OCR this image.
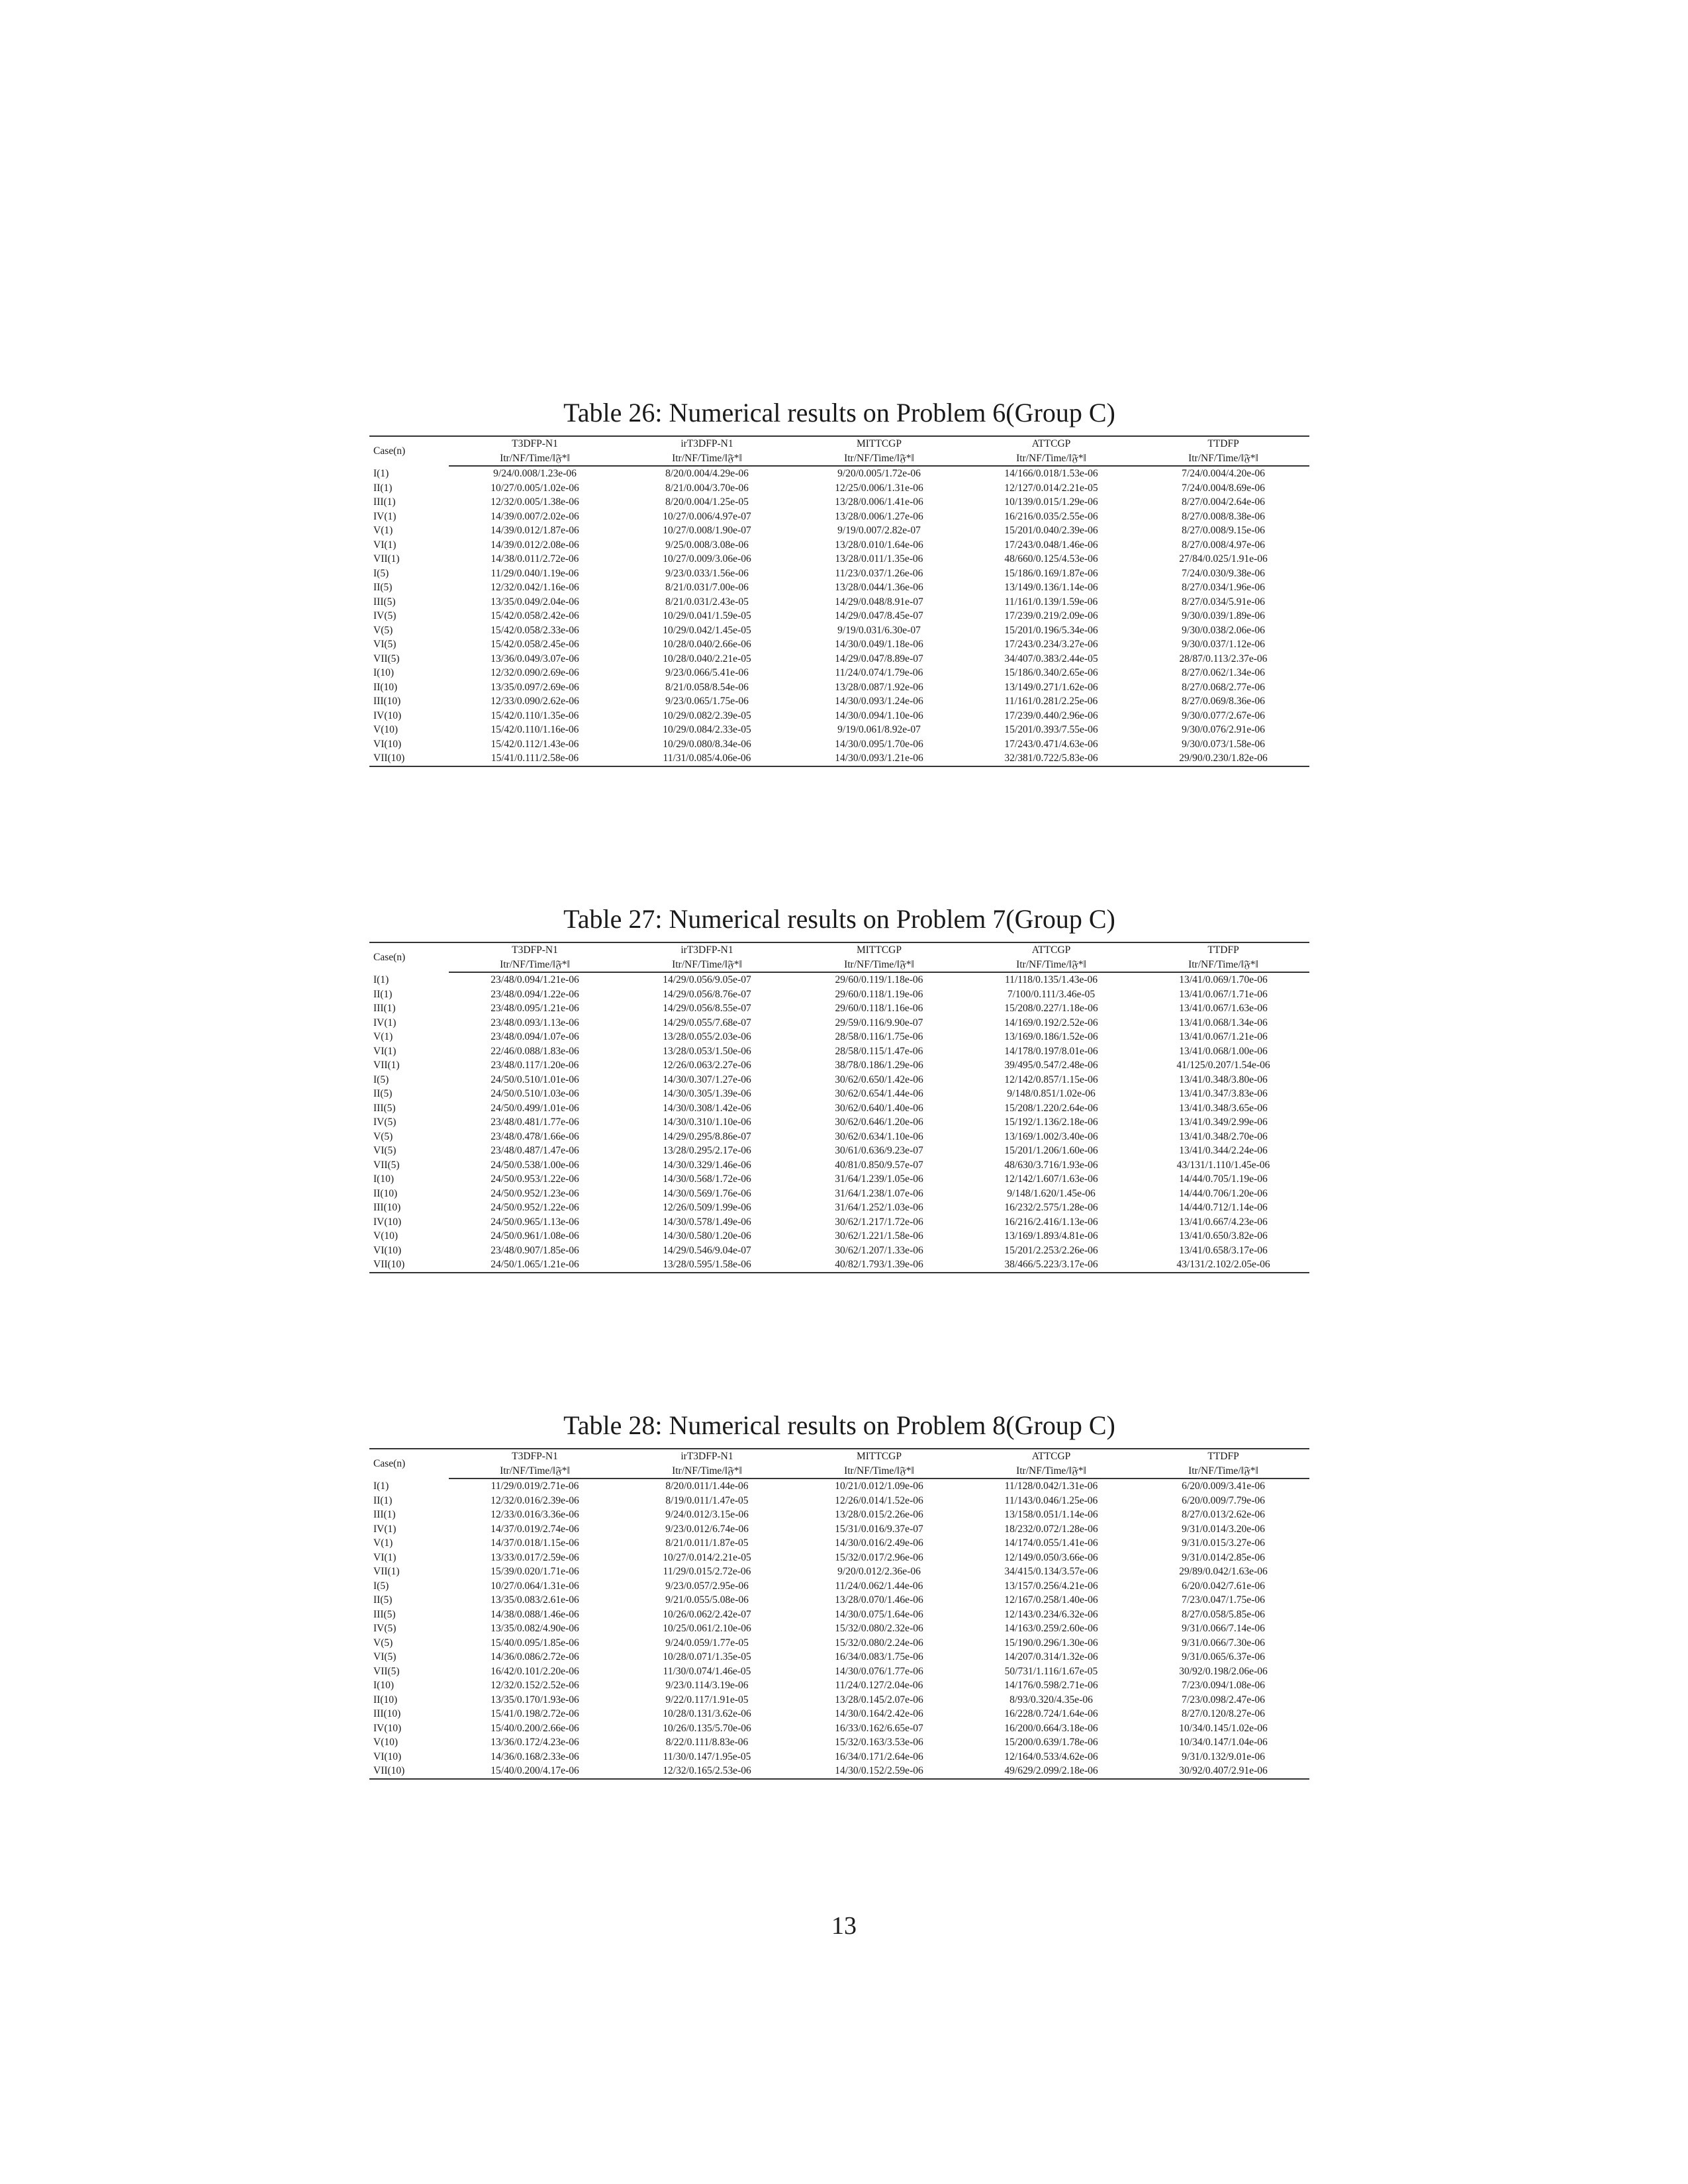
Table 26: Numerical results on Problem 6(Group C)
Case(n)	T3DFP-N1	irT3DFP-N1	MITTCGP	ATTCGP	TTDFP
	Itr/NF/Time/‖𝔉*‖	Itr/NF/Time/‖𝔉*‖	Itr/NF/Time/‖𝔉*‖	Itr/NF/Time/‖𝔉*‖	Itr/NF/Time/‖𝔉*‖
I(1)	9/24/0.008/1.23e-06	8/20/0.004/4.29e-06	9/20/0.005/1.72e-06	14/166/0.018/1.53e-06	7/24/0.004/4.20e-06
II(1)	10/27/0.005/1.02e-06	8/21/0.004/3.70e-06	12/25/0.006/1.31e-06	12/127/0.014/2.21e-05	7/24/0.004/8.69e-06
III(1)	12/32/0.005/1.38e-06	8/20/0.004/1.25e-05	13/28/0.006/1.41e-06	10/139/0.015/1.29e-06	8/27/0.004/2.64e-06
IV(1)	14/39/0.007/2.02e-06	10/27/0.006/4.97e-07	13/28/0.006/1.27e-06	16/216/0.035/2.55e-06	8/27/0.008/8.38e-06
V(1)	14/39/0.012/1.87e-06	10/27/0.008/1.90e-07	9/19/0.007/2.82e-07	15/201/0.040/2.39e-06	8/27/0.008/9.15e-06
VI(1)	14/39/0.012/2.08e-06	9/25/0.008/3.08e-06	13/28/0.010/1.64e-06	17/243/0.048/1.46e-06	8/27/0.008/4.97e-06
VII(1)	14/38/0.011/2.72e-06	10/27/0.009/3.06e-06	13/28/0.011/1.35e-06	48/660/0.125/4.53e-06	27/84/0.025/1.91e-06
I(5)	11/29/0.040/1.19e-06	9/23/0.033/1.56e-06	11/23/0.037/1.26e-06	15/186/0.169/1.87e-06	7/24/0.030/9.38e-06
II(5)	12/32/0.042/1.16e-06	8/21/0.031/7.00e-06	13/28/0.044/1.36e-06	13/149/0.136/1.14e-06	8/27/0.034/1.96e-06
III(5)	13/35/0.049/2.04e-06	8/21/0.031/2.43e-05	14/29/0.048/8.91e-07	11/161/0.139/1.59e-06	8/27/0.034/5.91e-06
IV(5)	15/42/0.058/2.42e-06	10/29/0.041/1.59e-05	14/29/0.047/8.45e-07	17/239/0.219/2.09e-06	9/30/0.039/1.89e-06
V(5)	15/42/0.058/2.33e-06	10/29/0.042/1.45e-05	9/19/0.031/6.30e-07	15/201/0.196/5.34e-06	9/30/0.038/2.06e-06
VI(5)	15/42/0.058/2.45e-06	10/28/0.040/2.66e-06	14/30/0.049/1.18e-06	17/243/0.234/3.27e-06	9/30/0.037/1.12e-06
VII(5)	13/36/0.049/3.07e-06	10/28/0.040/2.21e-05	14/29/0.047/8.89e-07	34/407/0.383/2.44e-05	28/87/0.113/2.37e-06
I(10)	12/32/0.090/2.69e-06	9/23/0.066/5.41e-06	11/24/0.074/1.79e-06	15/186/0.340/2.65e-06	8/27/0.062/1.34e-06
II(10)	13/35/0.097/2.69e-06	8/21/0.058/8.54e-06	13/28/0.087/1.92e-06	13/149/0.271/1.62e-06	8/27/0.068/2.77e-06
III(10)	12/33/0.090/2.62e-06	9/23/0.065/1.75e-06	14/30/0.093/1.24e-06	11/161/0.281/2.25e-06	8/27/0.069/8.36e-06
IV(10)	15/42/0.110/1.35e-06	10/29/0.082/2.39e-05	14/30/0.094/1.10e-06	17/239/0.440/2.96e-06	9/30/0.077/2.67e-06
V(10)	15/42/0.110/1.16e-06	10/29/0.084/2.33e-05	9/19/0.061/8.92e-07	15/201/0.393/7.55e-06	9/30/0.076/2.91e-06
VI(10)	15/42/0.112/1.43e-06	10/29/0.080/8.34e-06	14/30/0.095/1.70e-06	17/243/0.471/4.63e-06	9/30/0.073/1.58e-06
VII(10)	15/41/0.111/2.58e-06	11/31/0.085/4.06e-06	14/30/0.093/1.21e-06	32/381/0.722/5.83e-06	29/90/0.230/1.82e-06
Table 27: Numerical results on Problem 7(Group C)
Case(n)	T3DFP-N1	irT3DFP-N1	MITTCGP	ATTCGP	TTDFP
	Itr/NF/Time/‖𝔉*‖	Itr/NF/Time/‖𝔉*‖	Itr/NF/Time/‖𝔉*‖	Itr/NF/Time/‖𝔉*‖	Itr/NF/Time/‖𝔉*‖
I(1)	23/48/0.094/1.21e-06	14/29/0.056/9.05e-07	29/60/0.119/1.18e-06	11/118/0.135/1.43e-06	13/41/0.069/1.70e-06
II(1)	23/48/0.094/1.22e-06	14/29/0.056/8.76e-07	29/60/0.118/1.19e-06	7/100/0.111/3.46e-05	13/41/0.067/1.71e-06
III(1)	23/48/0.095/1.21e-06	14/29/0.056/8.55e-07	29/60/0.118/1.16e-06	15/208/0.227/1.18e-06	13/41/0.067/1.63e-06
IV(1)	23/48/0.093/1.13e-06	14/29/0.055/7.68e-07	29/59/0.116/9.90e-07	14/169/0.192/2.52e-06	13/41/0.068/1.34e-06
V(1)	23/48/0.094/1.07e-06	13/28/0.055/2.03e-06	28/58/0.116/1.75e-06	13/169/0.186/1.52e-06	13/41/0.067/1.21e-06
VI(1)	22/46/0.088/1.83e-06	13/28/0.053/1.50e-06	28/58/0.115/1.47e-06	14/178/0.197/8.01e-06	13/41/0.068/1.00e-06
VII(1)	23/48/0.117/1.20e-06	12/26/0.063/2.27e-06	38/78/0.186/1.29e-06	39/495/0.547/2.48e-06	41/125/0.207/1.54e-06
I(5)	24/50/0.510/1.01e-06	14/30/0.307/1.27e-06	30/62/0.650/1.42e-06	12/142/0.857/1.15e-06	13/41/0.348/3.80e-06
II(5)	24/50/0.510/1.03e-06	14/30/0.305/1.39e-06	30/62/0.654/1.44e-06	9/148/0.851/1.02e-06	13/41/0.347/3.83e-06
III(5)	24/50/0.499/1.01e-06	14/30/0.308/1.42e-06	30/62/0.640/1.40e-06	15/208/1.220/2.64e-06	13/41/0.348/3.65e-06
IV(5)	23/48/0.481/1.77e-06	14/30/0.310/1.10e-06	30/62/0.646/1.20e-06	15/192/1.136/2.18e-06	13/41/0.349/2.99e-06
V(5)	23/48/0.478/1.66e-06	14/29/0.295/8.86e-07	30/62/0.634/1.10e-06	13/169/1.002/3.40e-06	13/41/0.348/2.70e-06
VI(5)	23/48/0.487/1.47e-06	13/28/0.295/2.17e-06	30/61/0.636/9.23e-07	15/201/1.206/1.60e-06	13/41/0.344/2.24e-06
VII(5)	24/50/0.538/1.00e-06	14/30/0.329/1.46e-06	40/81/0.850/9.57e-07	48/630/3.716/1.93e-06	43/131/1.110/1.45e-06
I(10)	24/50/0.953/1.22e-06	14/30/0.568/1.72e-06	31/64/1.239/1.05e-06	12/142/1.607/1.63e-06	14/44/0.705/1.19e-06
II(10)	24/50/0.952/1.23e-06	14/30/0.569/1.76e-06	31/64/1.238/1.07e-06	9/148/1.620/1.45e-06	14/44/0.706/1.20e-06
III(10)	24/50/0.952/1.22e-06	12/26/0.509/1.99e-06	31/64/1.252/1.03e-06	16/232/2.575/1.28e-06	14/44/0.712/1.14e-06
IV(10)	24/50/0.965/1.13e-06	14/30/0.578/1.49e-06	30/62/1.217/1.72e-06	16/216/2.416/1.13e-06	13/41/0.667/4.23e-06
V(10)	24/50/0.961/1.08e-06	14/30/0.580/1.20e-06	30/62/1.221/1.58e-06	13/169/1.893/4.81e-06	13/41/0.650/3.82e-06
VI(10)	23/48/0.907/1.85e-06	14/29/0.546/9.04e-07	30/62/1.207/1.33e-06	15/201/2.253/2.26e-06	13/41/0.658/3.17e-06
VII(10)	24/50/1.065/1.21e-06	13/28/0.595/1.58e-06	40/82/1.793/1.39e-06	38/466/5.223/3.17e-06	43/131/2.102/2.05e-06
Table 28: Numerical results on Problem 8(Group C)
Case(n)	T3DFP-N1	irT3DFP-N1	MITTCGP	ATTCGP	TTDFP
	Itr/NF/Time/‖𝔉*‖	Itr/NF/Time/‖𝔉*‖	Itr/NF/Time/‖𝔉*‖	Itr/NF/Time/‖𝔉*‖	Itr/NF/Time/‖𝔉*‖
I(1)	11/29/0.019/2.71e-06	8/20/0.011/1.44e-06	10/21/0.012/1.09e-06	11/128/0.042/1.31e-06	6/20/0.009/3.41e-06
II(1)	12/32/0.016/2.39e-06	8/19/0.011/1.47e-05	12/26/0.014/1.52e-06	11/143/0.046/1.25e-06	6/20/0.009/7.79e-06
III(1)	12/33/0.016/3.36e-06	9/24/0.012/3.15e-06	13/28/0.015/2.26e-06	13/158/0.051/1.14e-06	8/27/0.013/2.62e-06
IV(1)	14/37/0.019/2.74e-06	9/23/0.012/6.74e-06	15/31/0.016/9.37e-07	18/232/0.072/1.28e-06	9/31/0.014/3.20e-06
V(1)	14/37/0.018/1.15e-06	8/21/0.011/1.87e-05	14/30/0.016/2.49e-06	14/174/0.055/1.41e-06	9/31/0.015/3.27e-06
VI(1)	13/33/0.017/2.59e-06	10/27/0.014/2.21e-05	15/32/0.017/2.96e-06	12/149/0.050/3.66e-06	9/31/0.014/2.85e-06
VII(1)	15/39/0.020/1.71e-06	11/29/0.015/2.72e-06	9/20/0.012/2.36e-06	34/415/0.134/3.57e-06	29/89/0.042/1.63e-06
I(5)	10/27/0.064/1.31e-06	9/23/0.057/2.95e-06	11/24/0.062/1.44e-06	13/157/0.256/4.21e-06	6/20/0.042/7.61e-06
II(5)	13/35/0.083/2.61e-06	9/21/0.055/5.08e-06	13/28/0.070/1.46e-06	12/167/0.258/1.40e-06	7/23/0.047/1.75e-06
III(5)	14/38/0.088/1.46e-06	10/26/0.062/2.42e-07	14/30/0.075/1.64e-06	12/143/0.234/6.32e-06	8/27/0.058/5.85e-06
IV(5)	13/35/0.082/4.90e-06	10/25/0.061/2.10e-06	15/32/0.080/2.32e-06	14/163/0.259/2.60e-06	9/31/0.066/7.14e-06
V(5)	15/40/0.095/1.85e-06	9/24/0.059/1.77e-05	15/32/0.080/2.24e-06	15/190/0.296/1.30e-06	9/31/0.066/7.30e-06
VI(5)	14/36/0.086/2.72e-06	10/28/0.071/1.35e-05	16/34/0.083/1.75e-06	14/207/0.314/1.32e-06	9/31/0.065/6.37e-06
VII(5)	16/42/0.101/2.20e-06	11/30/0.074/1.46e-05	14/30/0.076/1.77e-06	50/731/1.116/1.67e-05	30/92/0.198/2.06e-06
I(10)	12/32/0.152/2.52e-06	9/23/0.114/3.19e-06	11/24/0.127/2.04e-06	14/176/0.598/2.71e-06	7/23/0.094/1.08e-06
II(10)	13/35/0.170/1.93e-06	9/22/0.117/1.91e-05	13/28/0.145/2.07e-06	8/93/0.320/4.35e-06	7/23/0.098/2.47e-06
III(10)	15/41/0.198/2.72e-06	10/28/0.131/3.62e-06	14/30/0.164/2.42e-06	16/228/0.724/1.64e-06	8/27/0.120/8.27e-06
IV(10)	15/40/0.200/2.66e-06	10/26/0.135/5.70e-06	16/33/0.162/6.65e-07	16/200/0.664/3.18e-06	10/34/0.145/1.02e-06
V(10)	13/36/0.172/4.23e-06	8/22/0.111/8.83e-06	15/32/0.163/3.53e-06	15/200/0.639/1.78e-06	10/34/0.147/1.04e-06
VI(10)	14/36/0.168/2.33e-06	11/30/0.147/1.95e-05	16/34/0.171/2.64e-06	12/164/0.533/4.62e-06	9/31/0.132/9.01e-06
VII(10)	15/40/0.200/4.17e-06	12/32/0.165/2.53e-06	14/30/0.152/2.59e-06	49/629/2.099/2.18e-06	30/92/0.407/2.91e-06
13
